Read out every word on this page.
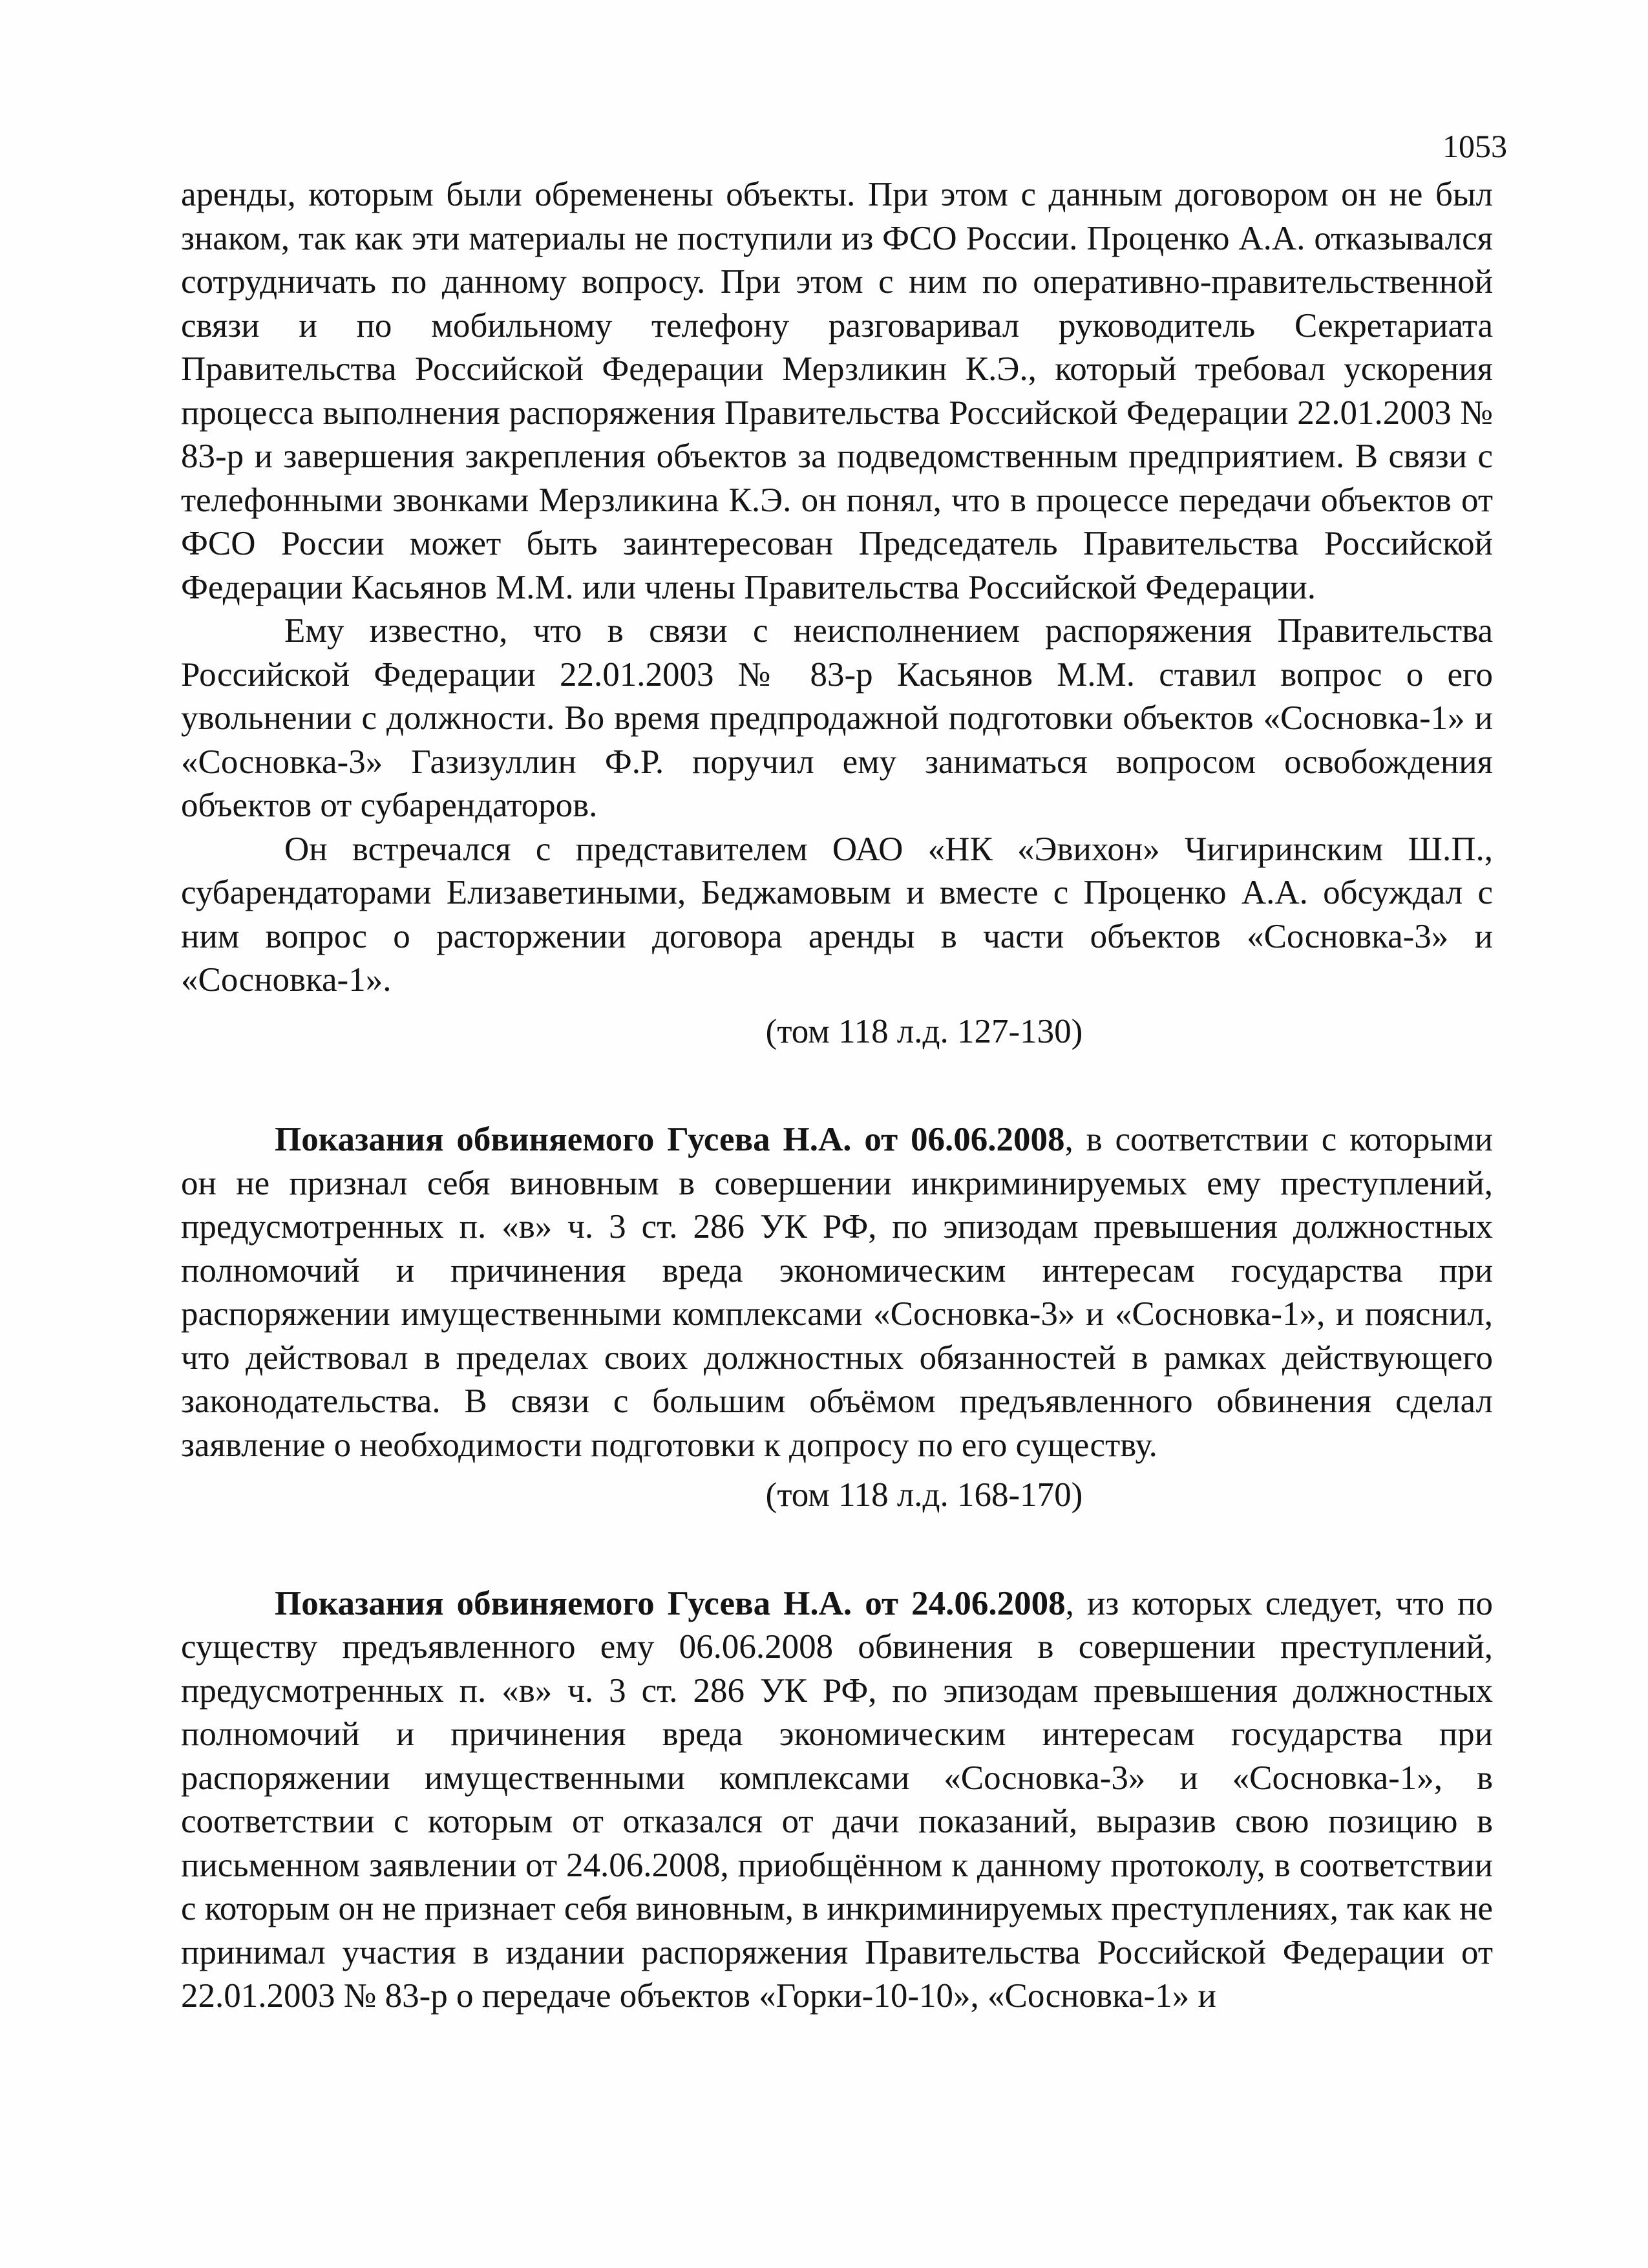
1053

аренды, которым были обременены объекты. При этом с данным договором он не был знаком, так как эти материалы не поступили из ФСО России. Проценко А.А. отказывался сотрудничать по данному вопросу. При этом с ним по оперативно-правительственной связи и по мобильному телефону разговаривал руководитель Секретариата Правительства Российской Федерации Мерзликин К.Э., который требовал ускорения процесса выполнения распоряжения Правительства Российской Федерации 22.01.2003 № 83-р и завершения закрепления объектов за подведомственным предприятием. В связи с телефонными звонками Мерзликина К.Э. он понял, что в процессе передачи объектов от ФСО России может быть заинтересован Председатель Правительства Российской Федерации Касьянов М.М. или члены Правительства Российской Федерации.

Ему известно, что в связи с неисполнением распоряжения Правительства Российской Федерации 22.01.2003 № 83-р Касьянов М.М. ставил вопрос о его увольнении с должности. Во время предпродажной подготовки объектов «Сосновка-1» и «Сосновка-3» Газизуллин Ф.Р. поручил ему заниматься вопросом освобождения объектов от субарендаторов.

Он встречался с представителем ОАО «НК «Эвихон» Чигиринским Ш.П., субарендаторами Елизаветиными, Беджамовым и вместе с Проценко А.А. обсуждал с ним вопрос о расторжении договора аренды в части объектов «Сосновка-3» и «Сосновка-1».

(том 118 л.д. 127-130)

Показания обвиняемого Гусева Н.А. от 06.06.2008, в соответствии с которыми он не признал себя виновным в совершении инкриминируемых ему преступлений, предусмотренных п. «в» ч. 3 ст. 286 УК РФ, по эпизодам превышения должностных полномочий и причинения вреда экономическим интересам государства при распоряжении имущественными комплексами «Сосновка-3» и «Сосновка-1», и пояснил, что действовал в пределах своих должностных обязанностей в рамках действующего законодательства. В связи с большим объёмом предъявленного обвинения сделал заявление о необходимости подготовки к допросу по его существу.

(том 118 л.д. 168-170)

Показания обвиняемого Гусева Н.А. от 24.06.2008, из которых следует, что по существу предъявленного ему 06.06.2008 обвинения в совершении преступлений, предусмотренных п. «в» ч. 3 ст. 286 УК РФ, по эпизодам превышения должностных полномочий и причинения вреда экономическим интересам государства при распоряжении имущественными комплексами «Сосновка-3» и «Сосновка-1», в соответствии с которым от отказался от дачи показаний, выразив свою позицию в письменном заявлении от 24.06.2008, приобщённом к данному протоколу, в соответствии с которым он не признает себя виновным, в инкриминируемых преступлениях, так как не принимал участия в издании распоряжения Правительства Российской Федерации от 22.01.2003 № 83-р о передаче объектов «Горки-10-10», «Сосновка-1» и
